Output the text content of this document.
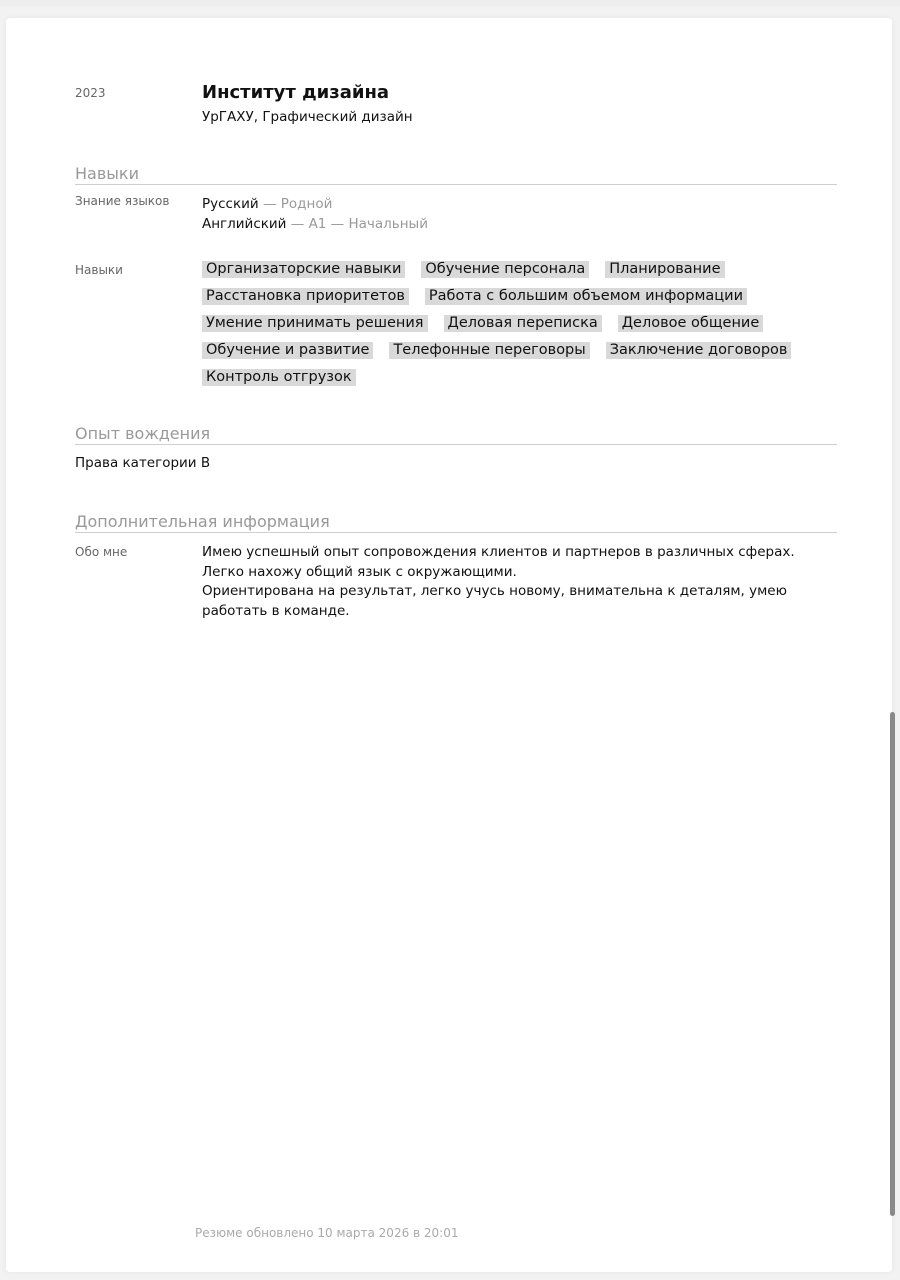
2023	Институт дизайна
УрГАХУ, Графический дизайн
Навыки
Знание языков Русский — Родной
Английский — A1 — Начальный
Навыки	Организаторские навыки Обучение персонала Планирование
Расстановка приоритетов Работа с большим объемом информации
Умение принимать решения Деловая переписка Деловое общение
Обучение и развитие Телефонные переговоры Заключение договоров
Контроль отгрузок
Опыт вождения
Права категории B
Дополнительная информация
Обо мне	Имею успешный опыт сопровождения клиентов и партнеров в различных сферах.
Легко нахожу общий язык с окружающими.
Ориентирована на результат, легко учусь новому, внимательна к деталям, умею работать в команде.
Резюме обновлено 10 марта 2026 в 20:01
